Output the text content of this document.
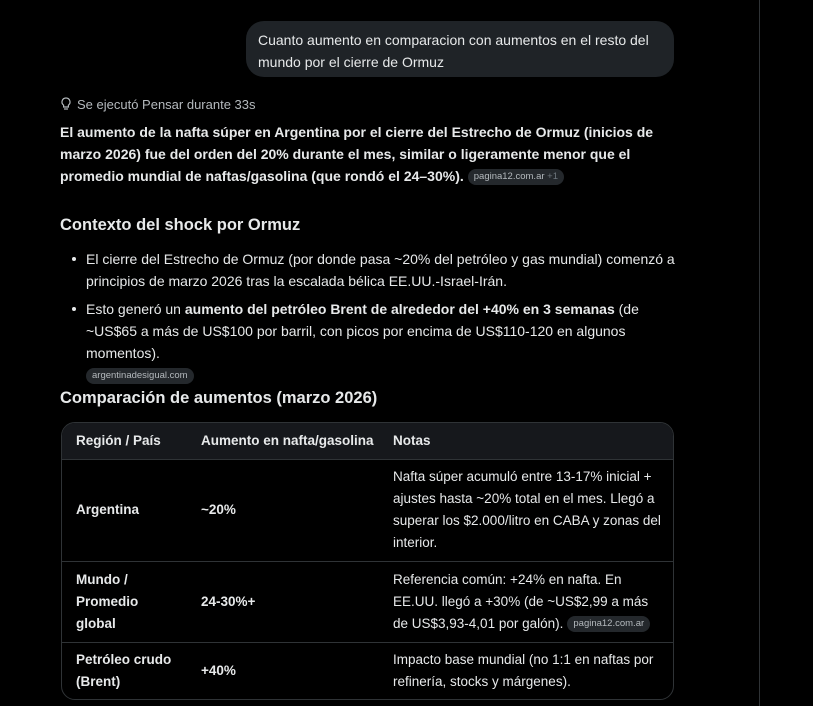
Cuanto aumento en comparacion con aumentos en el resto del mundo por el cierre de Ormuz
Se ejecutó Pensar durante 33s
El aumento de la nafta súper en Argentina por el cierre del Estrecho de Ormuz (inicios de marzo 2026) fue del orden del 20% durante el mes, similar o ligeramente menor que el promedio mundial de naftas/gasolina (que rondó el 24–30%). pagina12.com.ar +1
Contexto del shock por Ormuz
El cierre del Estrecho de Ormuz (por donde pasa ~20% del petróleo y gas mundial) comenzó a principios de marzo 2026 tras la escalada bélica EE.UU.-Israel-Irán.
Esto generó un aumento del petróleo Brent de alrededor del +40% en 3 semanas (de ~US$65 a más de US$100 por barril, con picos por encima de US$110-120 en algunos momentos).
argentinadesigual.com
Comparación de aumentos (marzo 2026)
Región / País	Aumento en nafta/gasolina	Notas
Argentina	~20%	Nafta súper acumuló entre 13-17% inicial + ajustes hasta ~20% total en el mes. Llegó a superar los $2.000/litro en CABA y zonas del interior.
Mundo / Promedio global	24-30%+	Referencia común: +24% en nafta. En EE.UU. llegó a +30% (de ~US$2,99 a más de US$3,93-4,01 por galón). pagina12.com.ar
Petróleo crudo (Brent)	+40%	Impacto base mundial (no 1:1 en naftas por refinería, stocks y márgenes).
